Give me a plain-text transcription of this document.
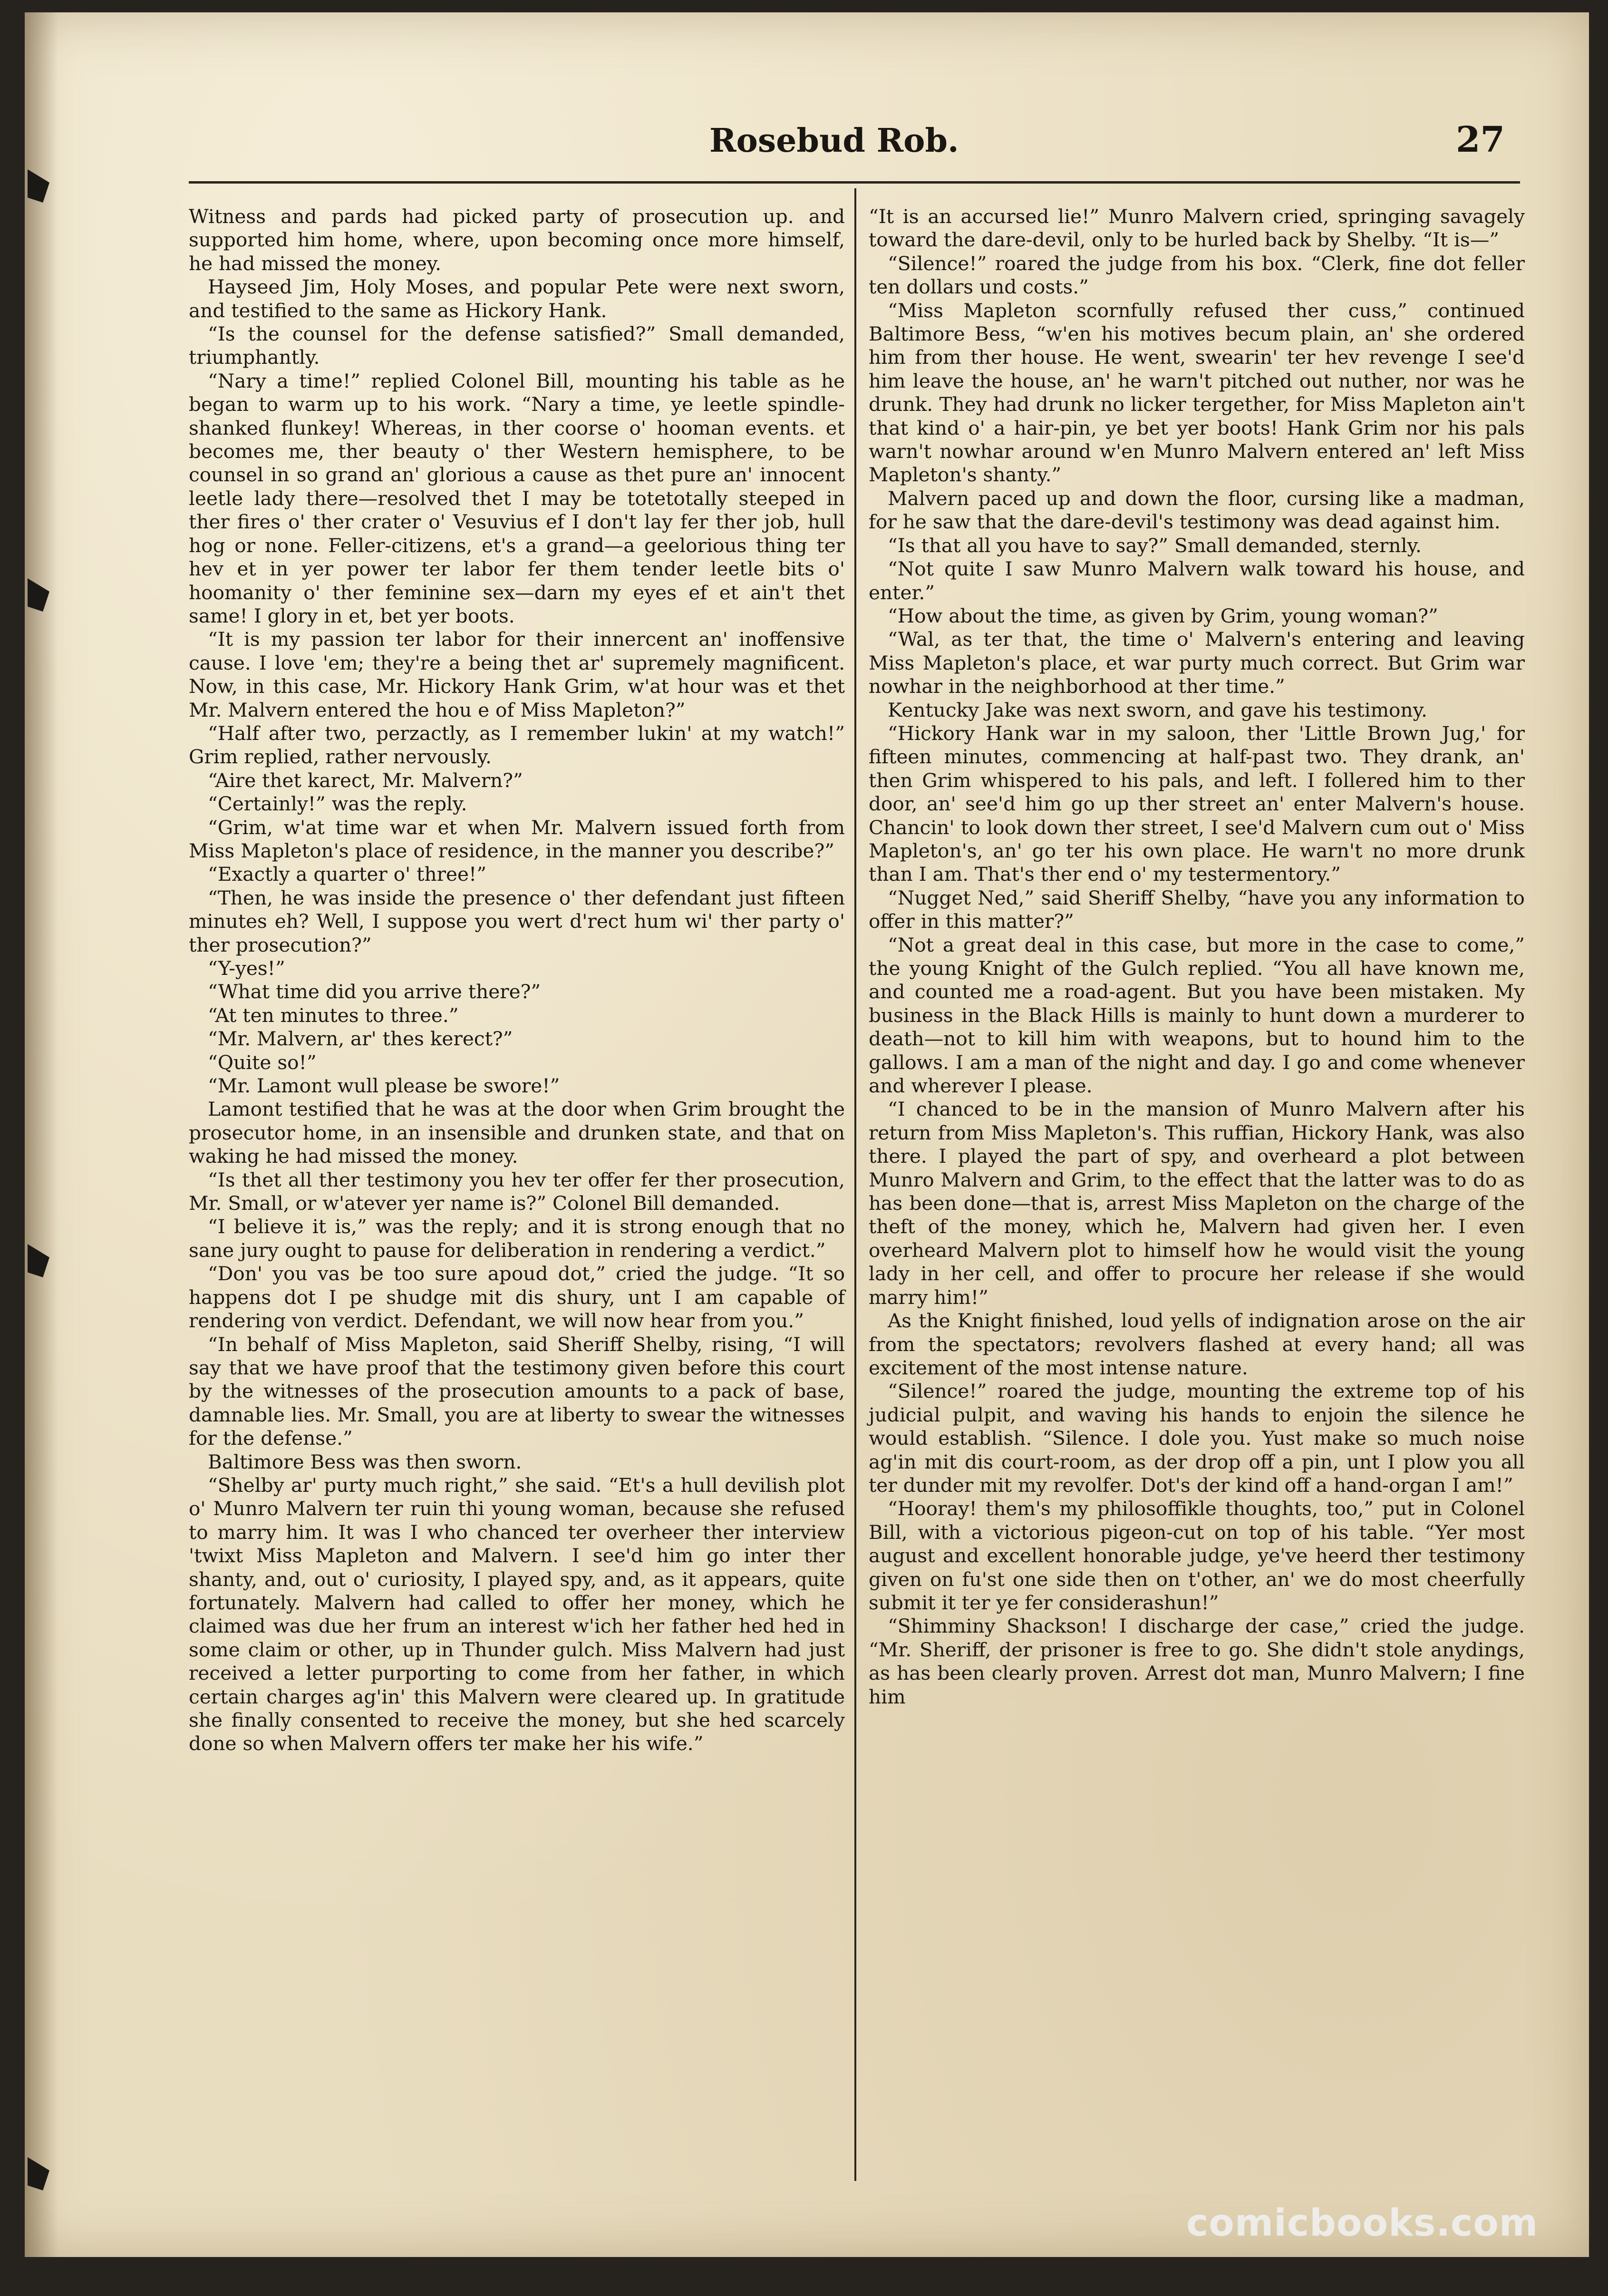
Rosebud Rob.	27

Witness and pards had picked party of prosecution up. and supported him home, where, upon becoming once more himself, he had missed the money.

Hayseed Jim, Holy Moses, and popular Pete were next sworn, and testified to the same as Hickory Hank.

“Is the counsel for the defense satisfied?” Small demanded, triumphantly.

“Nary a time!” replied Colonel Bill, mounting his table as he began to warm up to his work. “Nary a time, ye leetle spindle-shanked flunkey! Whereas, in ther coorse o' hooman events. et becomes me, ther beauty o' ther Western hemisphere, to be counsel in so grand an' glorious a cause as thet pure an' innocent leetle lady there—resolved thet I may be totetotally steeped in ther fires o' ther crater o' Vesuvius ef I don't lay fer ther job, hull hog or none. Feller-citizens, et's a grand—a geelorious thing ter hev et in yer power ter labor fer them tender leetle bits o' hoomanity o' ther feminine sex—darn my eyes ef et ain't thet same! I glory in et, bet yer boots.

“It is my passion ter labor for their innercent an' inoffensive cause. I love 'em; they're a being thet ar' supremely magnificent. Now, in this case, Mr. Hickory Hank Grim, w'at hour was et thet Mr. Malvern entered the hou e of Miss Mapleton?”

“Half after two, perzactly, as I remember lukin' at my watch!” Grim replied, rather nervously.

“Aire thet karect, Mr. Malvern?”

“Certainly!” was the reply.

“Grim, w'at time war et when Mr. Malvern issued forth from Miss Mapleton's place of residence, in the manner you describe?”

“Exactly a quarter o' three!”

“Then, he was inside the presence o' ther defendant just fifteen minutes eh? Well, I suppose you wert d'rect hum wi' ther party o' ther prosecution?”

“Y-yes!”

“What time did you arrive there?”

“At ten minutes to three.”

“Mr. Malvern, ar' thes kerect?”

“Quite so!”

“Mr. Lamont wull please be swore!”

Lamont testified that he was at the door when Grim brought the prosecutor home, in an insensible and drunken state, and that on waking he had missed the money.

“Is thet all ther testimony you hev ter offer fer ther prosecution, Mr. Small, or w'atever yer name is?” Colonel Bill demanded.

“I believe it is,” was the reply; and it is strong enough that no sane jury ought to pause for deliberation in rendering a verdict.”

“Don' you vas be too sure apoud dot,” cried the judge. “It so happens dot I pe shudge mit dis shury, unt I am capable of rendering von verdict. Defendant, we will now hear from you.”

“In behalf of Miss Mapleton, said Sheriff Shelby, rising, “I will say that we have proof that the testimony given before this court by the witnesses of the prosecution amounts to a pack of base, damnable lies. Mr. Small, you are at liberty to swear the witnesses for the defense.”

Baltimore Bess was then sworn.

“Shelby ar' purty much right,” she said. “Et's a hull devilish plot o' Munro Malvern ter ruin thi young woman, because she refused to marry him. It was I who chanced ter overheer ther interview 'twixt Miss Mapleton and Malvern. I see'd him go inter ther shanty, and, out o' curiosity, I played spy, and, as it appears, quite fortunately. Malvern had called to offer her money, which he claimed was due her frum an interest w'ich her father hed hed in some claim or other, up in Thunder gulch. Miss Malvern had just received a letter purporting to come from her father, in which certain charges ag'in' this Malvern were cleared up. In gratitude she finally consented to receive the money, but she hed scarcely done so when Malvern offers ter make her his wife.”

“It is an accursed lie!” Munro Malvern cried, springing savagely toward the dare-devil, only to be hurled back by Shelby. “It is—”

“Silence!” roared the judge from his box. “Clerk, fine dot feller ten dollars und costs.”

“Miss Mapleton scornfully refused ther cuss,” continued Baltimore Bess, “w'en his motives becum plain, an' she ordered him from ther house. He went, swearin' ter hev revenge I see'd him leave the house, an' he warn't pitched out nuther, nor was he drunk. They had drunk no licker tergether, for Miss Mapleton ain't that kind o' a hair-pin, ye bet yer boots! Hank Grim nor his pals warn't nowhar around w'en Munro Malvern entered an' left Miss Mapleton's shanty.”

Malvern paced up and down the floor, cursing like a madman, for he saw that the dare-devil's testimony was dead against him.

“Is that all you have to say?” Small demanded, sternly.

“Not quite I saw Munro Malvern walk toward his house, and enter.”

“How about the time, as given by Grim, young woman?”

“Wal, as ter that, the time o' Malvern's entering and leaving Miss Mapleton's place, et war purty much correct. But Grim war nowhar in the neighborhood at ther time.”

Kentucky Jake was next sworn, and gave his testimony.

“Hickory Hank war in my saloon, ther 'Little Brown Jug,' for fifteen minutes, commencing at half-past two. They drank, an' then Grim whispered to his pals, and left. I follered him to ther door, an' see'd him go up ther street an' enter Malvern's house. Chancin' to look down ther street, I see'd Malvern cum out o' Miss Mapleton's, an' go ter his own place. He warn't no more drunk than I am. That's ther end o' my testermentory.”

“Nugget Ned,” said Sheriff Shelby, “have you any information to offer in this matter?”

“Not a great deal in this case, but more in the case to come,” the young Knight of the Gulch replied. “You all have known me, and counted me a road-agent. But you have been mistaken. My business in the Black Hills is mainly to hunt down a murderer to death—not to kill him with weapons, but to hound him to the gallows. I am a man of the night and day. I go and come whenever and wherever I please.

“I chanced to be in the mansion of Munro Malvern after his return from Miss Mapleton's. This ruffian, Hickory Hank, was also there. I played the part of spy, and overheard a plot between Munro Malvern and Grim, to the effect that the latter was to do as has been done—that is, arrest Miss Mapleton on the charge of the theft of the money, which he, Malvern had given her. I even overheard Malvern plot to himself how he would visit the young lady in her cell, and offer to procure her release if she would marry him!”

As the Knight finished, loud yells of indignation arose on the air from the spectators; revolvers flashed at every hand; all was excitement of the most intense nature.

“Silence!” roared the judge, mounting the extreme top of his judicial pulpit, and waving his hands to enjoin the silence he would establish. “Silence. I dole you. Yust make so much noise ag'in mit dis court-room, as der drop off a pin, unt I plow you all ter dunder mit my revolfer. Dot's der kind off a hand-organ I am!”

“Hooray! them's my philosoffikle thoughts, too,” put in Colonel Bill, with a victorious pigeon-cut on top of his table. “Yer most august and excellent honorable judge, ye've heerd ther testimony given on fu'st one side then on t'other, an' we do most cheerfully submit it ter ye fer considerashun!”

“Shimminy Shackson! I discharge der case,” cried the judge. “Mr. Sheriff, der prisoner is free to go. She didn't stole anydings, as has been clearly proven. Arrest dot man, Munro Malvern; I fine him

comicbooks.com
